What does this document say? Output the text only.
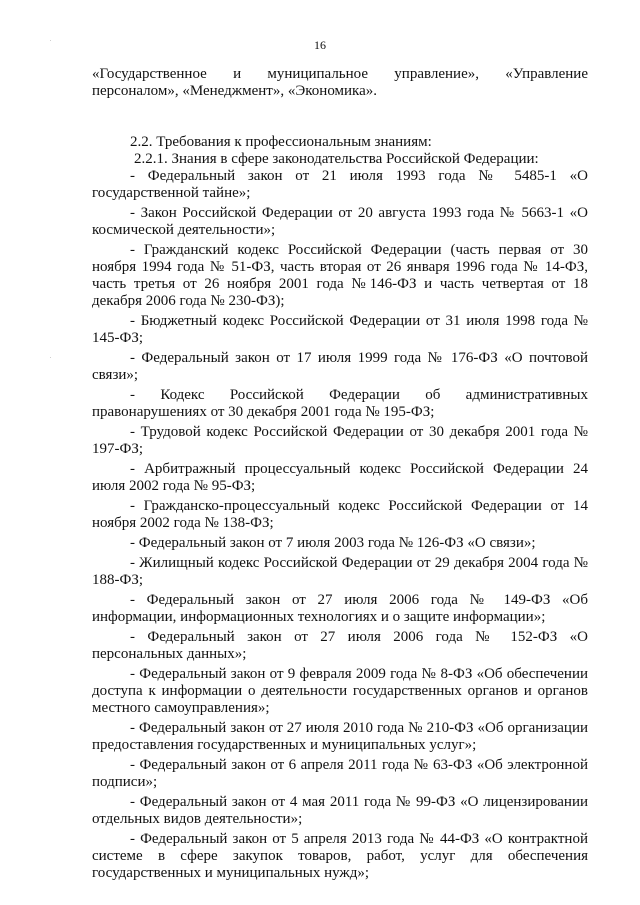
16

«Государственное и муниципальное управление», «Управление персоналом», «Менеджмент», «Экономика».

2.2. Требования к профессиональным знаниям:

2.2.1. Знания в сфере законодательства Российской Федерации:

- Федеральный закон от 21 июля 1993 года № 5485-1 «О государственной тайне»;

- Закон Российской Федерации от 20 августа 1993 года № 5663-1 «О космической деятельности»;

- Гражданский кодекс Российской Федерации (часть первая от 30 ноября 1994 года № 51-ФЗ, часть вторая от 26 января 1996 года № 14-ФЗ, часть третья от 26 ноября 2001 года №146-ФЗ и часть четвертая от 18 декабря 2006 года № 230-ФЗ);

- Бюджетный кодекс Российской Федерации от 31 июля 1998 года № 145-ФЗ;

- Федеральный закон от 17 июля 1999 года № 176-ФЗ «О почтовой связи»;

- Кодекс Российской Федерации об административных правонарушениях от 30 декабря 2001 года № 195-ФЗ;

- Трудовой кодекс Российской Федерации от 30 декабря 2001 года № 197-ФЗ;

- Арбитражный процессуальный кодекс Российской Федерации 24 июля 2002 года № 95-ФЗ;

- Гражданско-процессуальный кодекс Российской Федерации от 14 ноября 2002 года № 138-ФЗ;

- Федеральный закон от 7 июля 2003 года № 126-ФЗ «О связи»;

- Жилищный кодекс Российской Федерации от 29 декабря 2004 года № 188-ФЗ;

- Федеральный закон от 27 июля 2006 года № 149-ФЗ «Об информации, информационных технологиях и о защите информации»;

- Федеральный закон от 27 июля 2006 года № 152-ФЗ «О персональных данных»;

- Федеральный закон от 9 февраля 2009 года № 8-ФЗ «Об обеспечении доступа к информации о деятельности государственных органов и органов местного самоуправления»;

- Федеральный закон от 27 июля 2010 года № 210-ФЗ «Об организации предоставления государственных и муниципальных услуг»;

- Федеральный закон от 6 апреля 2011 года № 63-ФЗ «Об электронной подписи»;

- Федеральный закон от 4 мая 2011 года № 99-ФЗ «О лицензировании отдельных видов деятельности»;

- Федеральный закон от 5 апреля 2013 года № 44-ФЗ «О контрактной системе в сфере закупок товаров, работ, услуг для обеспечения государственных и муниципальных нужд»;
